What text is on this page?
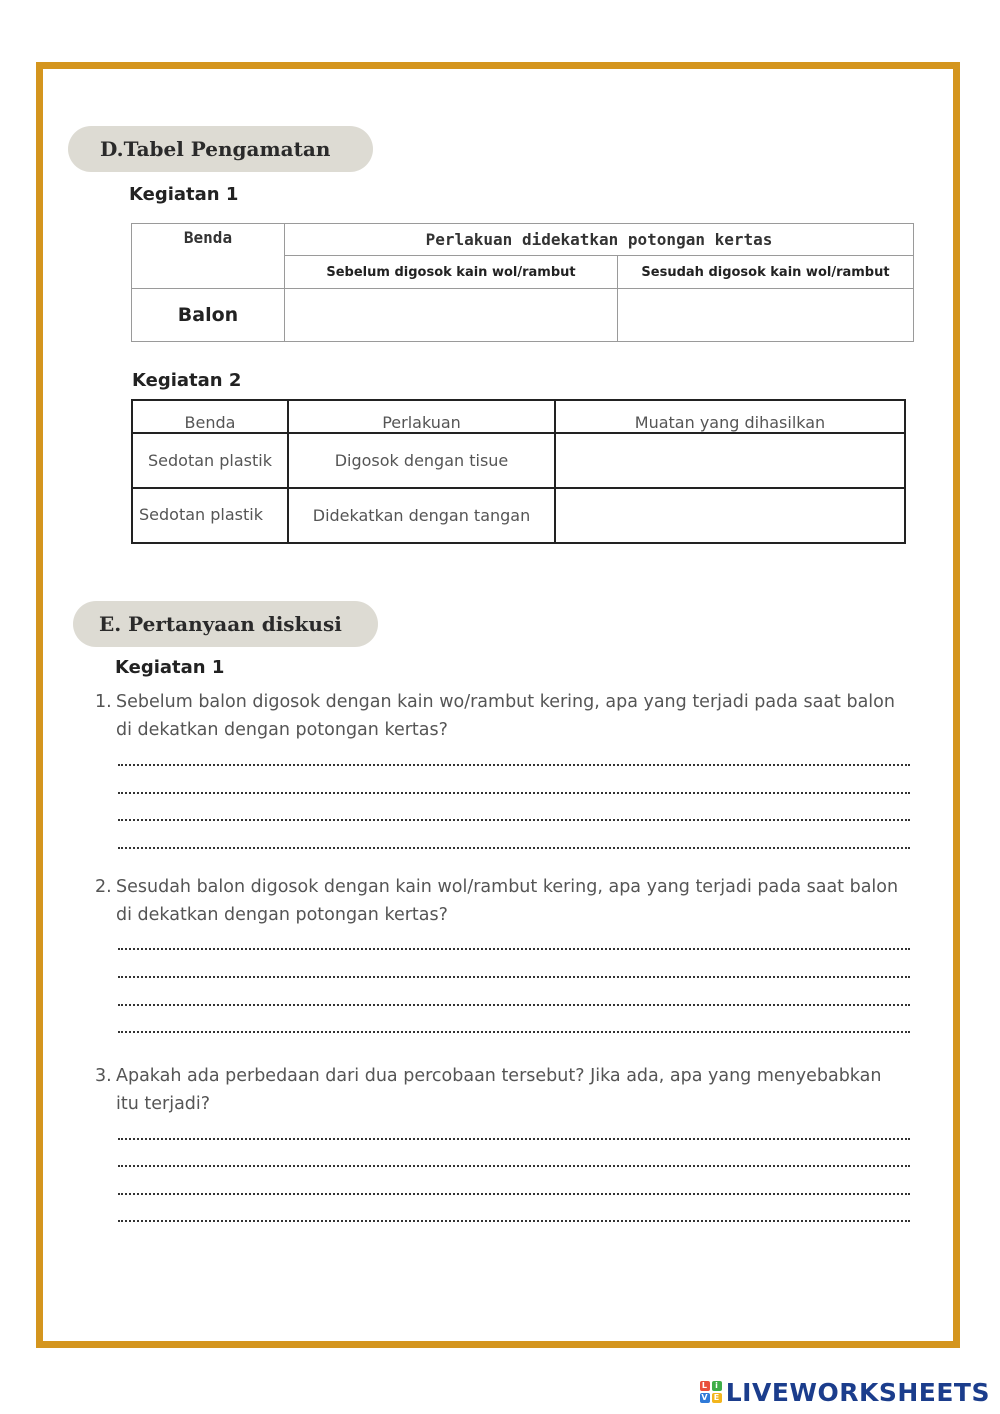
D.Tabel Pengamatan
Kegiatan 1
Benda	Perlakuan didekatkan potongan kertas	
	Sebelum digosok kain wol/rambut	Sesudah digosok kain wol/rambut
Balon		
Kegiatan 2
Benda	Perlakuan	Muatan yang dihasilkan
Sedotan plastik	Digosok dengan tisue	
Sedotan plastik	Didekatkan dengan tangan	
E. Pertanyaan diskusi
Kegiatan 1
1. Sebelum balon digosok dengan kain wo/rambut kering, apa yang terjadi pada saat balon
di dekatkan dengan potongan kertas?
2. Sesudah balon digosok dengan kain wol/rambut kering, apa yang terjadi pada saat balon
di dekatkan dengan potongan kertas?
3. Apakah ada perbedaan dari dua percobaan tersebut? Jika ada, apa yang menyebabkan
itu terjadi?
L i
V E LIVEWORKSHEETS
